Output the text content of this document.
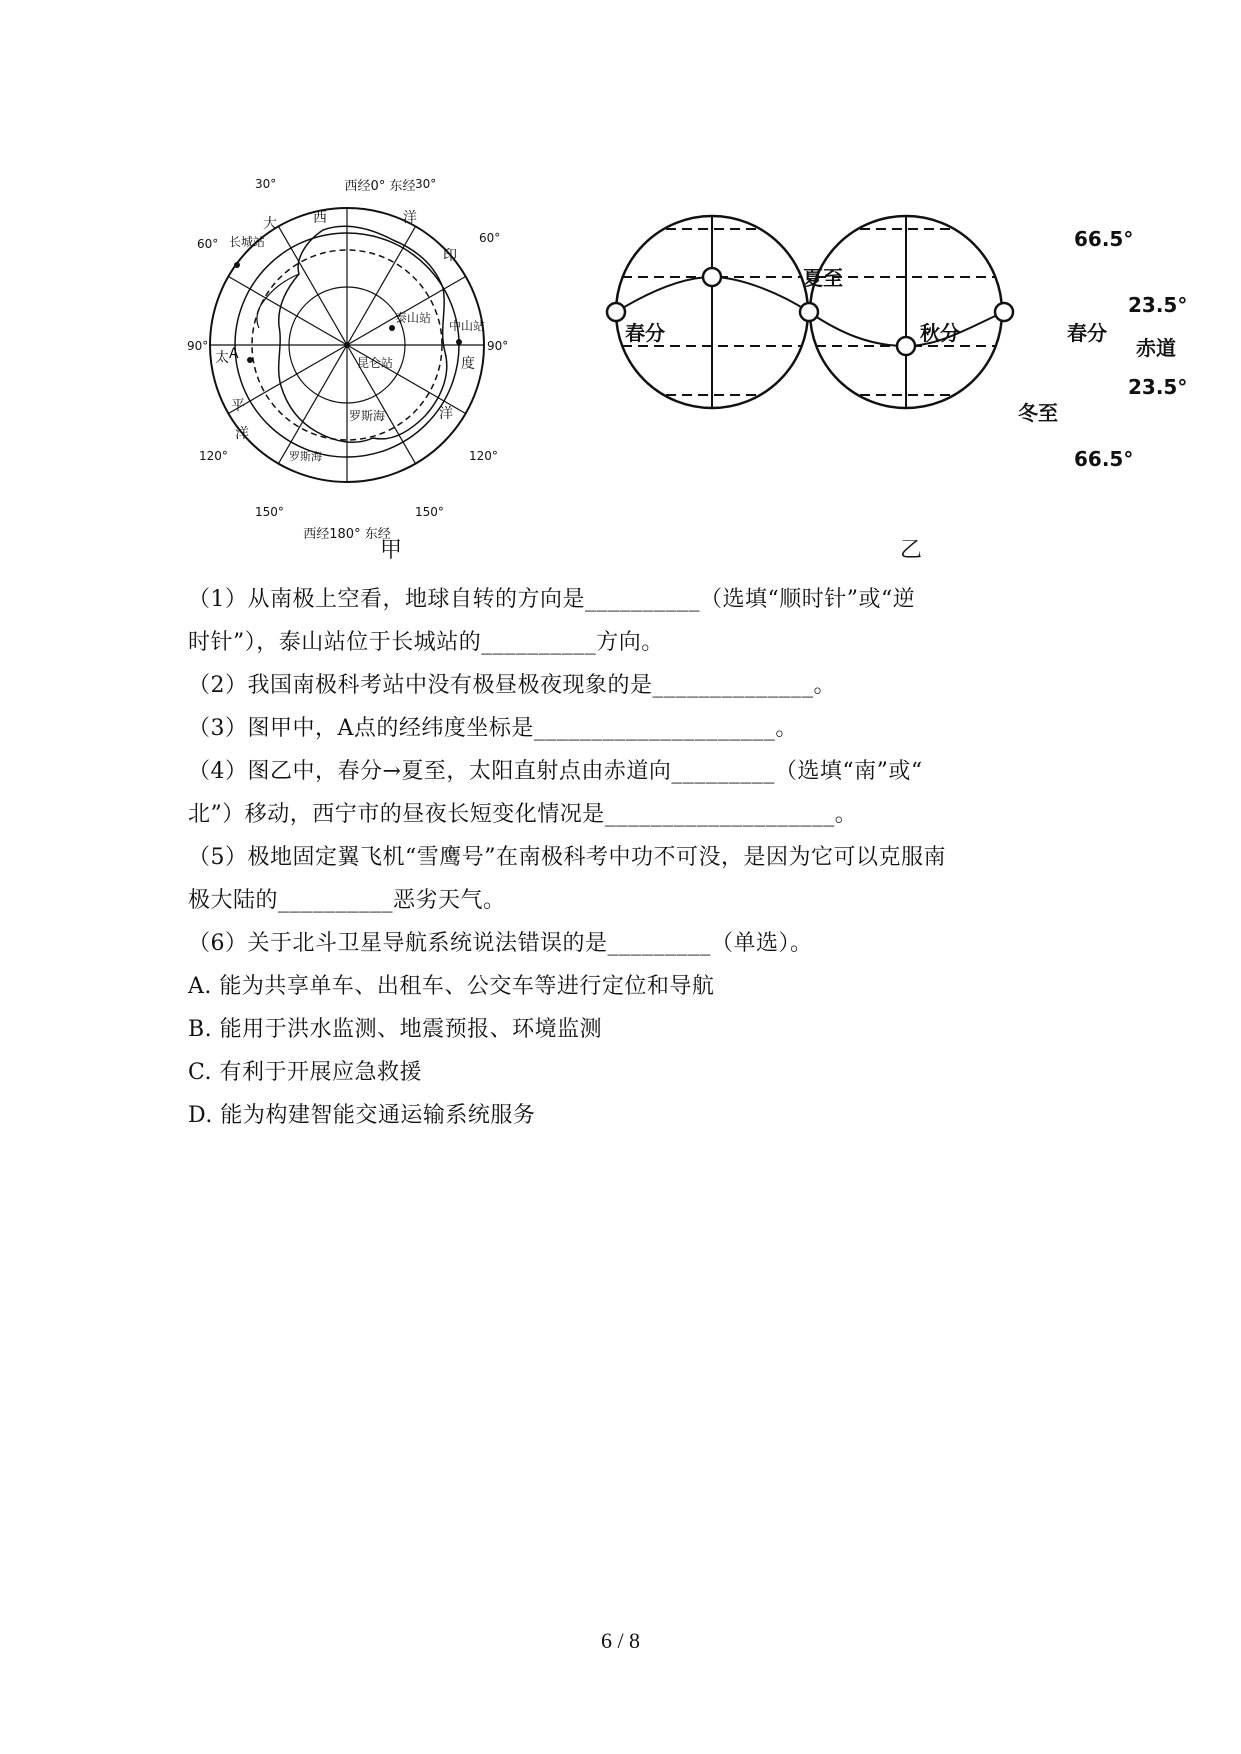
西经0° 东经
大	西	洋
印
度
洋
太
平
洋
30°	30°
60°	60°
90°	90°
120°	120°
150°	150°
西经180° 东经
长城站
中山站
泰山站
昆仑站
罗斯海
罗斯海
A
甲
春分
夏至
秋分	春分
冬至
赤道
66.5°
23.5°
23.5°
66.5°
乙
（1）从南极上空看，地球自转的方向是__________（选填“顺时针”或“逆
时针”），泰山站位于长城站的__________方向。
（2）我国南极科考站中没有极昼极夜现象的是______________。
（3）图甲中，A点的经纬度坐标是_____________________。
（4）图乙中，春分→夏至，太阳直射点由赤道向_________（选填“南”或“
北”）移动，西宁市的昼夜长短变化情况是____________________。
（5）极地固定翼飞机“雪鹰号”在南极科考中功不可没，是因为它可以克服南
极大陆的__________恶劣天气。
（6）关于北斗卫星导航系统说法错误的是_________（单选）。
A. 能为共享单车、出租车、公交车等进行定位和导航
B. 能用于洪水监测、地震预报、环境监测
C. 有利于开展应急救援
D. 能为构建智能交通运输系统服务
6 / 8
